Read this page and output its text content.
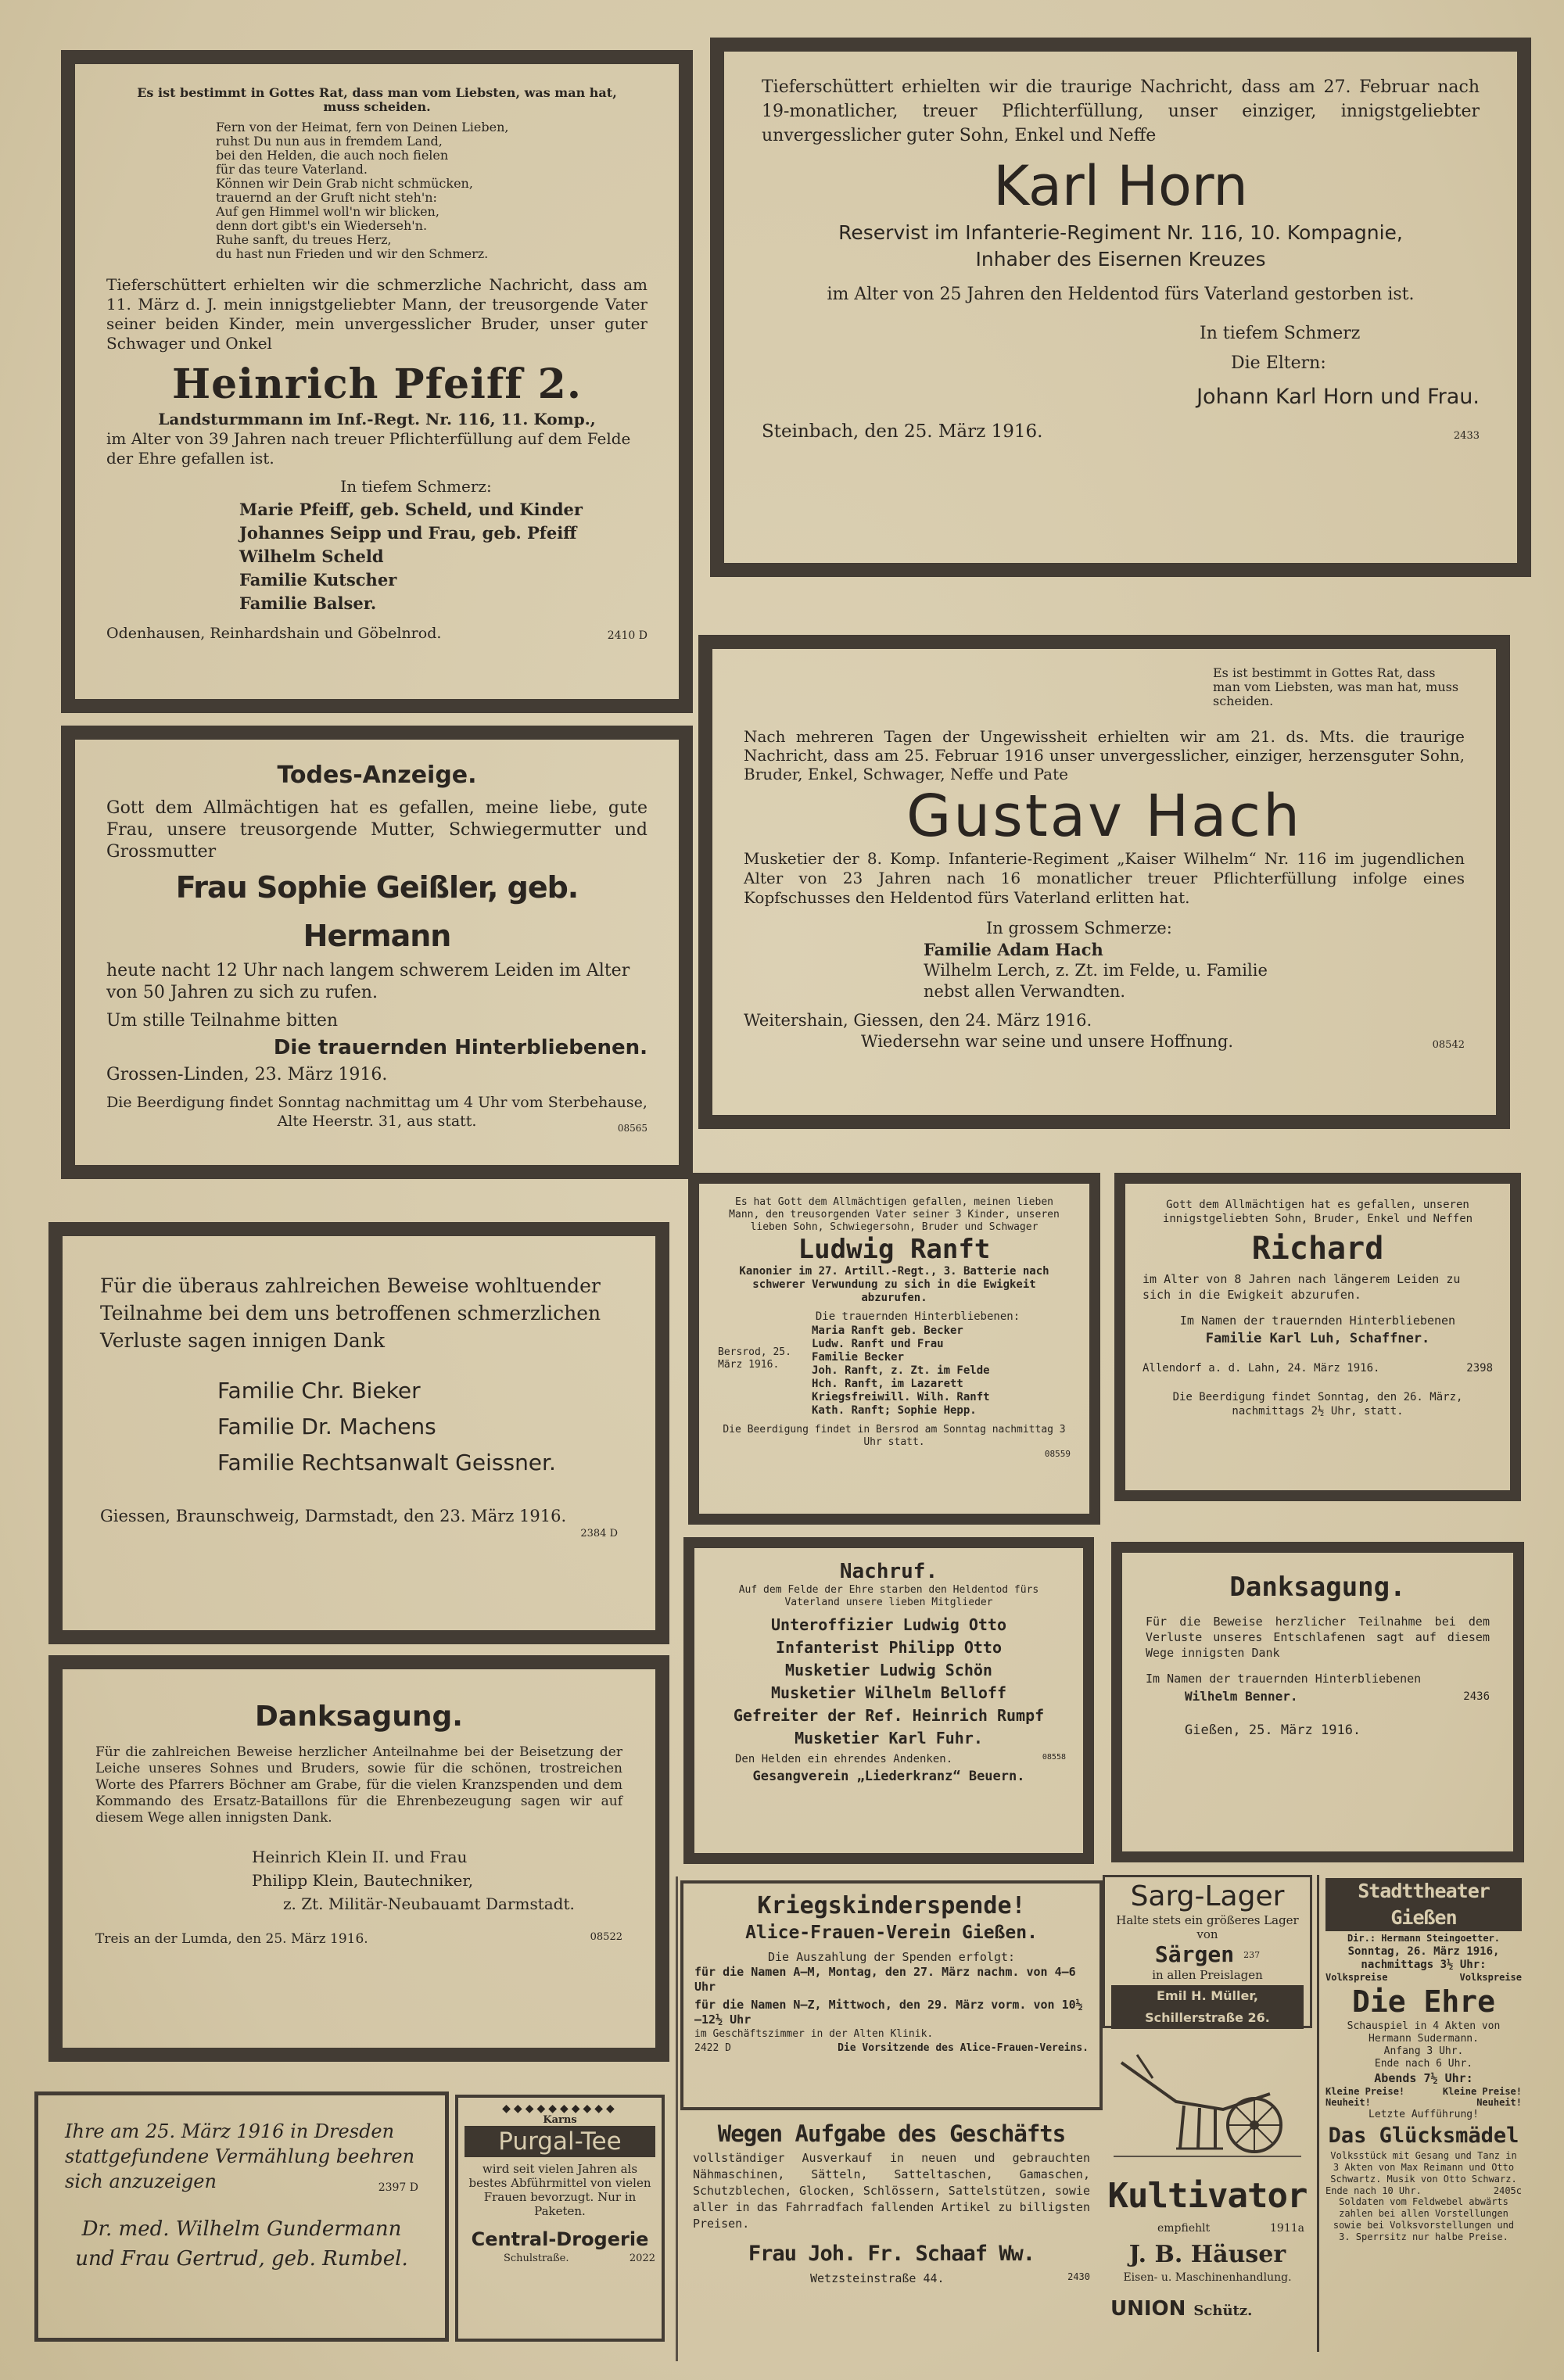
Es ist bestimmt in Gottes Rat, dass man vom Liebsten, was man hat, muss scheiden.

Fern von der Heimat, fern von Deinen Lieben,

ruhst Du nun aus in fremdem Land,

bei den Helden, die auch noch fielen

für das teure Vaterland.

Können wir Dein Grab nicht schmücken,

trauernd an der Gruft nicht steh'n:

Auf gen Himmel woll'n wir blicken,

denn dort gibt's ein Wiederseh'n.

Ruhe sanft, du treues Herz,

du hast nun Frieden und wir den Schmerz.

Tieferschüttert erhielten wir die schmerzliche Nachricht, dass am 11. März d. J. mein innigstgeliebter Mann, der treusorgende Vater seiner beiden Kinder, mein unvergesslicher Bruder, unser guter Schwager und Onkel

Heinrich Pfeiff 2.

Landsturmmann im Inf.-Regt. Nr. 116, 11. Komp.,

im Alter von 39 Jahren nach treuer Pflichterfüllung auf dem Felde der Ehre gefallen ist.

In tiefem Schmerz:

Marie Pfeiff, geb. Scheld, und Kinder

Johannes Seipp und Frau, geb. Pfeiff

Wilhelm Scheld

Familie Kutscher

Familie Balser.

Odenhausen, Reinhardshain und Göbelnrod.	2410 D

Tieferschüttert erhielten wir die traurige Nachricht, dass am 27. Februar nach 19-monatlicher, treuer Pflichterfüllung, unser einziger, innigstgeliebter unvergesslicher guter Sohn, Enkel und Neffe

Karl Horn

Reservist im Infanterie-Regiment Nr. 116, 10. Kompagnie,

Inhaber des Eisernen Kreuzes

im Alter von 25 Jahren den Heldentod fürs Vaterland gestorben ist.

In tiefem Schmerz

Die Eltern:

Johann Karl Horn und Frau.

Steinbach, den 25. März 1916.	2433

Es ist bestimmt in Gottes Rat, dass man vom Liebsten, was man hat, muss scheiden.

Nach mehreren Tagen der Ungewissheit erhielten wir am 21. ds. Mts. die traurige Nachricht, dass am 25. Februar 1916 unser unvergesslicher, einziger, herzensguter Sohn, Bruder, Enkel, Schwager, Neffe und Pate

Gustav Hach

Musketier der 8. Komp. Infanterie-Regiment „Kaiser Wilhelm“ Nr. 116 im jugendlichen Alter von 23 Jahren nach 16 monatlicher treuer Pflichterfüllung infolge eines Kopfschusses den Heldentod fürs Vaterland erlitten hat.

In grossem Schmerze:

Familie Adam Hach

Wilhelm Lerch, z. Zt. im Felde, u. Familie

nebst allen Verwandten.

Weitershain, Giessen, den 24. März 1916.

Wiedersehn war seine und unsere Hoffnung.	08542

Todes-Anzeige.

Gott dem Allmächtigen hat es gefallen, meine liebe, gute Frau, unsere treusorgende Mutter, Schwiegermutter und Grossmutter

Frau Sophie Geißler, geb. Hermann

heute nacht 12 Uhr nach langem schwerem Leiden im Alter von 50 Jahren zu sich zu rufen.

Um stille Teilnahme bitten

Die trauernden Hinterbliebenen.

Grossen-Linden, 23. März 1916.

Die Beerdigung findet Sonntag nachmittag um 4 Uhr vom Sterbehause, Alte Heerstr. 31, aus statt.	08565

Es hat Gott dem Allmächtigen gefallen, meinen lieben Mann, den treusorgenden Vater seiner 3 Kinder, unseren lieben Sohn, Schwiegersohn, Bruder und Schwager

Ludwig Ranft

Kanonier im 27. Artill.-Regt., 3. Batterie nach schwerer Verwundung zu sich in die Ewigkeit abzurufen.

Die trauernden Hinterbliebenen:

Bersrod, 25. März 1916.

Maria Ranft geb. Becker

Ludw. Ranft und Frau

Familie Becker

Joh. Ranft, z. Zt. im Felde

Hch. Ranft, im Lazarett

Kriegsfreiwill. Wilh. Ranft

Kath. Ranft; Sophie Hepp.

Die Beerdigung findet in Bersrod am Sonntag nachmittag 3 Uhr statt.

08559

Gott dem Allmächtigen hat es gefallen, unseren innigstgeliebten Sohn, Bruder, Enkel und Neffen

Richard

im Alter von 8 Jahren nach längerem Leiden zu sich in die Ewigkeit abzurufen.

Im Namen der trauernden Hinterbliebenen

Familie Karl Luh, Schaffner.

Allendorf a. d. Lahn, 24. März 1916.	2398

Die Beerdigung findet Sonntag, den 26. März, nachmittags 2½ Uhr, statt.

Für die überaus zahlreichen Beweise wohltuender Teilnahme bei dem uns betroffenen schmerzlichen Verluste sagen innigen Dank

Familie Chr. Bieker

Familie Dr. Machens

Familie Rechtsanwalt Geissner.

Giessen, Braunschweig, Darmstadt, den 23. März 1916.

2384 D

Nachruf.

Auf dem Felde der Ehre starben den Heldentod fürs Vaterland unsere lieben Mitglieder

Unteroffizier Ludwig Otto

Infanterist Philipp Otto

Musketier Ludwig Schön

Musketier Wilhelm Belloff

Gefreiter der Ref. Heinrich Rumpf

Musketier Karl Fuhr.

Den Helden ein ehrendes Andenken.	08558

Gesangverein „Liederkranz“ Beuern.

Danksagung.

Für die Beweise herzlicher Teilnahme bei dem Verluste unseres Entschlafenen sagt auf diesem Wege innigsten Dank

Im Namen der trauernden Hinterbliebenen

Wilhelm Benner.	2436

Gießen, 25. März 1916.

Danksagung.

Für die zahlreichen Beweise herzlicher Anteilnahme bei der Beisetzung der Leiche unseres Sohnes und Bruders, sowie für die schönen, trostreichen Worte des Pfarrers Böchner am Grabe, für die vielen Kranzspenden und dem Kommando des Ersatz-Bataillons für die Ehrenbezeugung sagen wir auf diesem Wege allen innigsten Dank.

Heinrich Klein II. und Frau

Philipp Klein, Bautechniker,

z. Zt. Militär-Neubauamt Darmstadt.

Treis an der Lumda, den 25. März 1916.	08522

Kriegskinderspende!

Alice-Frauen-Verein Gießen.

Die Auszahlung der Spenden erfolgt:

für die Namen A—M, Montag, den 27. März nachm. von 4—6 Uhr

für die Namen N—Z, Mittwoch, den 29. März vorm. von 10½—12½ Uhr

im Geschäftszimmer in der Alten Klinik.

2422 D	Die Vorsitzende des Alice-Frauen-Vereins.

Sarg-Lager

Halte stets ein größeres Lager von

Särgen 237

in allen Preislagen

Emil H. Müller, Schillerstraße 26.

Kultivator

empfiehlt	1911a

J. B. Häuser

Eisen- u. Maschinenhandlung.

UNION Schütz.

Stadttheater Gießen

Dir.: Hermann Steingoetter.

Sonntag, 26. März 1916, nachmittags 3½ Uhr:

Volkspreise	Volkspreise

Die Ehre

Schauspiel in 4 Akten von Hermann Sudermann.

Anfang 3 Uhr.

Ende nach 6 Uhr.

Abends 7½ Uhr:

Kleine Preise!	Kleine Preise!
Neuheit!	Neuheit!

Letzte Aufführung!

Das Glücksmädel

Volksstück mit Gesang und Tanz in 3 Akten von Max Reimann und Otto Schwartz. Musik von Otto Schwarz.

Ende nach 10 Uhr.	2405c

Soldaten vom Feldwebel abwärts zahlen bei allen Vorstellungen sowie bei Volksvorstellungen und 3. Sperrsitz nur halbe Preise.

Ihre am 25. März 1916 in Dresden

stattgefundene Vermählung beehren

sich anzuzeigen	2397 D

Dr. med. Wilhelm Gundermann

und Frau Gertrud, geb. Rumbel.

◆◆◆◆◆◆◆◆◆◆

Karns

Purgal-Tee

wird seit vielen Jahren als bestes Abführmittel von vielen Frauen bevorzugt. Nur in Paketen.

Central-Drogerie

Schulstraße.	2022

Wegen Aufgabe des Geschäfts

vollständiger Ausverkauf in neuen und gebrauchten Nähmaschinen, Sätteln, Satteltaschen, Gamaschen, Schutzblechen, Glocken, Schlössern, Sattelstützen, sowie aller in das Fahrradfach fallenden Artikel zu billigsten Preisen.

Frau Joh. Fr. Schaaf Ww.

Wetzsteinstraße 44.	2430
